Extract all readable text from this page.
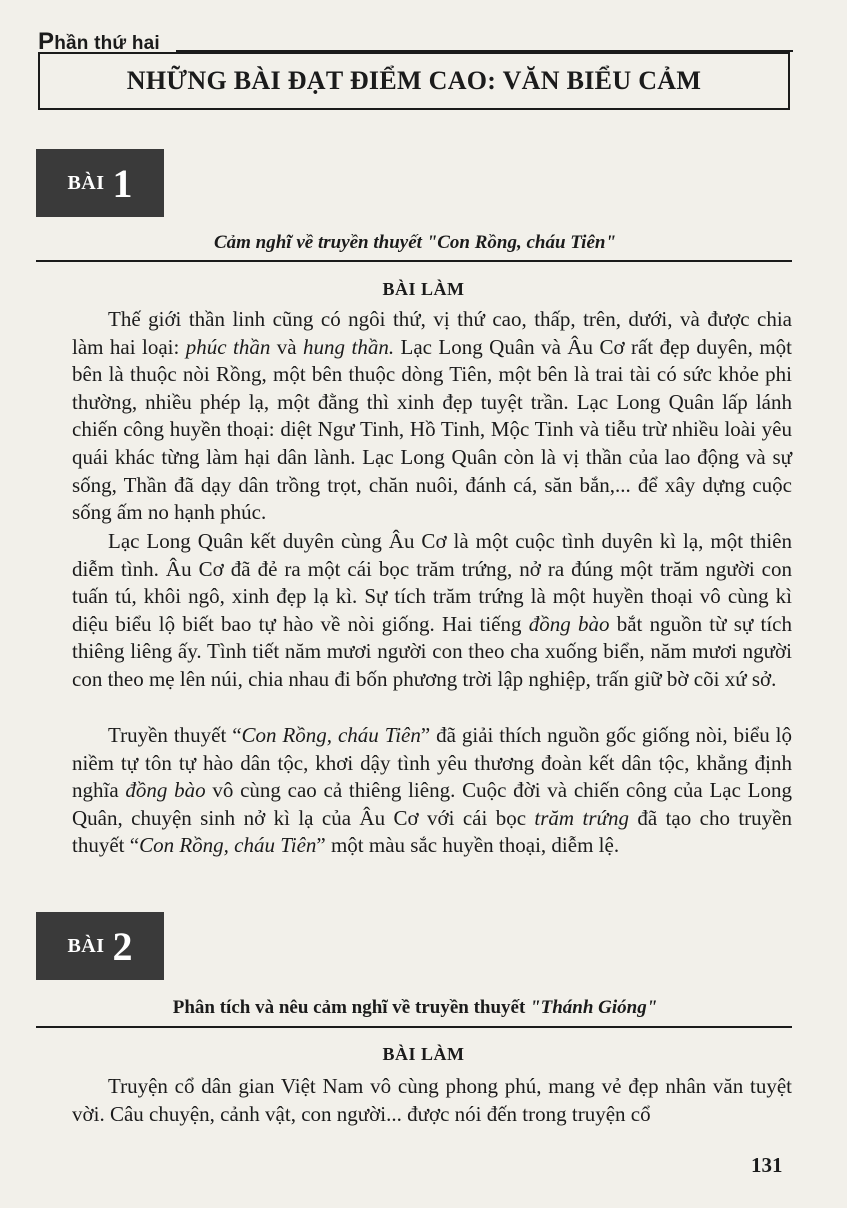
Phần thứ hai
NHỮNG BÀI ĐẠT ĐIỂM CAO: VĂN BIỂU CẢM
BÀI 1
Cảm nghĩ về truyền thuyết "Con Rồng, cháu Tiên"
BÀI LÀM

Thế giới thần linh cũng có ngôi thứ, vị thứ cao, thấp, trên, dưới, và được chia làm hai loại: phúc thần và hung thần. Lạc Long Quân và Âu Cơ rất đẹp duyên, một bên là thuộc nòi Rồng, một bên thuộc dòng Tiên, một bên là trai tài có sức khỏe phi thường, nhiều phép lạ, một đằng thì xinh đẹp tuyệt trần. Lạc Long Quân lấp lánh chiến công huyền thoại: diệt Ngư Tinh, Hồ Tinh, Mộc Tinh và tiễu trừ nhiều loài yêu quái khác từng làm hại dân lành. Lạc Long Quân còn là vị thần của lao động và sự sống, Thần đã dạy dân trồng trọt, chăn nuôi, đánh cá, săn bắn,... để xây dựng cuộc sống ấm no hạnh phúc.

Lạc Long Quân kết duyên cùng Âu Cơ là một cuộc tình duyên kì lạ, một thiên diễm tình. Âu Cơ đã đẻ ra một cái bọc trăm trứng, nở ra đúng một trăm người con tuấn tú, khôi ngô, xinh đẹp lạ kì. Sự tích trăm trứng là một huyền thoại vô cùng kì diệu biểu lộ biết bao tự hào về nòi giống. Hai tiếng đồng bào bắt nguồn từ sự tích thiêng liêng ấy. Tình tiết năm mươi người con theo cha xuống biển, năm mươi người con theo mẹ lên núi, chia nhau đi bốn phương trời lập nghiệp, trấn giữ bờ cõi xứ sở.

Truyền thuyết “Con Rồng, cháu Tiên” đã giải thích nguồn gốc giống nòi, biểu lộ niềm tự tôn tự hào dân tộc, khơi dậy tình yêu thương đoàn kết dân tộc, khẳng định nghĩa đồng bào vô cùng cao cả thiêng liêng. Cuộc đời và chiến công của Lạc Long Quân, chuyện sinh nở kì lạ của Âu Cơ với cái bọc trăm trứng đã tạo cho truyền thuyết “Con Rồng, cháu Tiên” một màu sắc huyền thoại, diễm lệ.

BÀI 2
Phân tích và nêu cảm nghĩ về truyền thuyết "Thánh Gióng"
BÀI LÀM

Truyện cổ dân gian Việt Nam vô cùng phong phú, mang vẻ đẹp nhân văn tuyệt vời. Câu chuyện, cảnh vật, con người... được nói đến trong truyện cổ

131
